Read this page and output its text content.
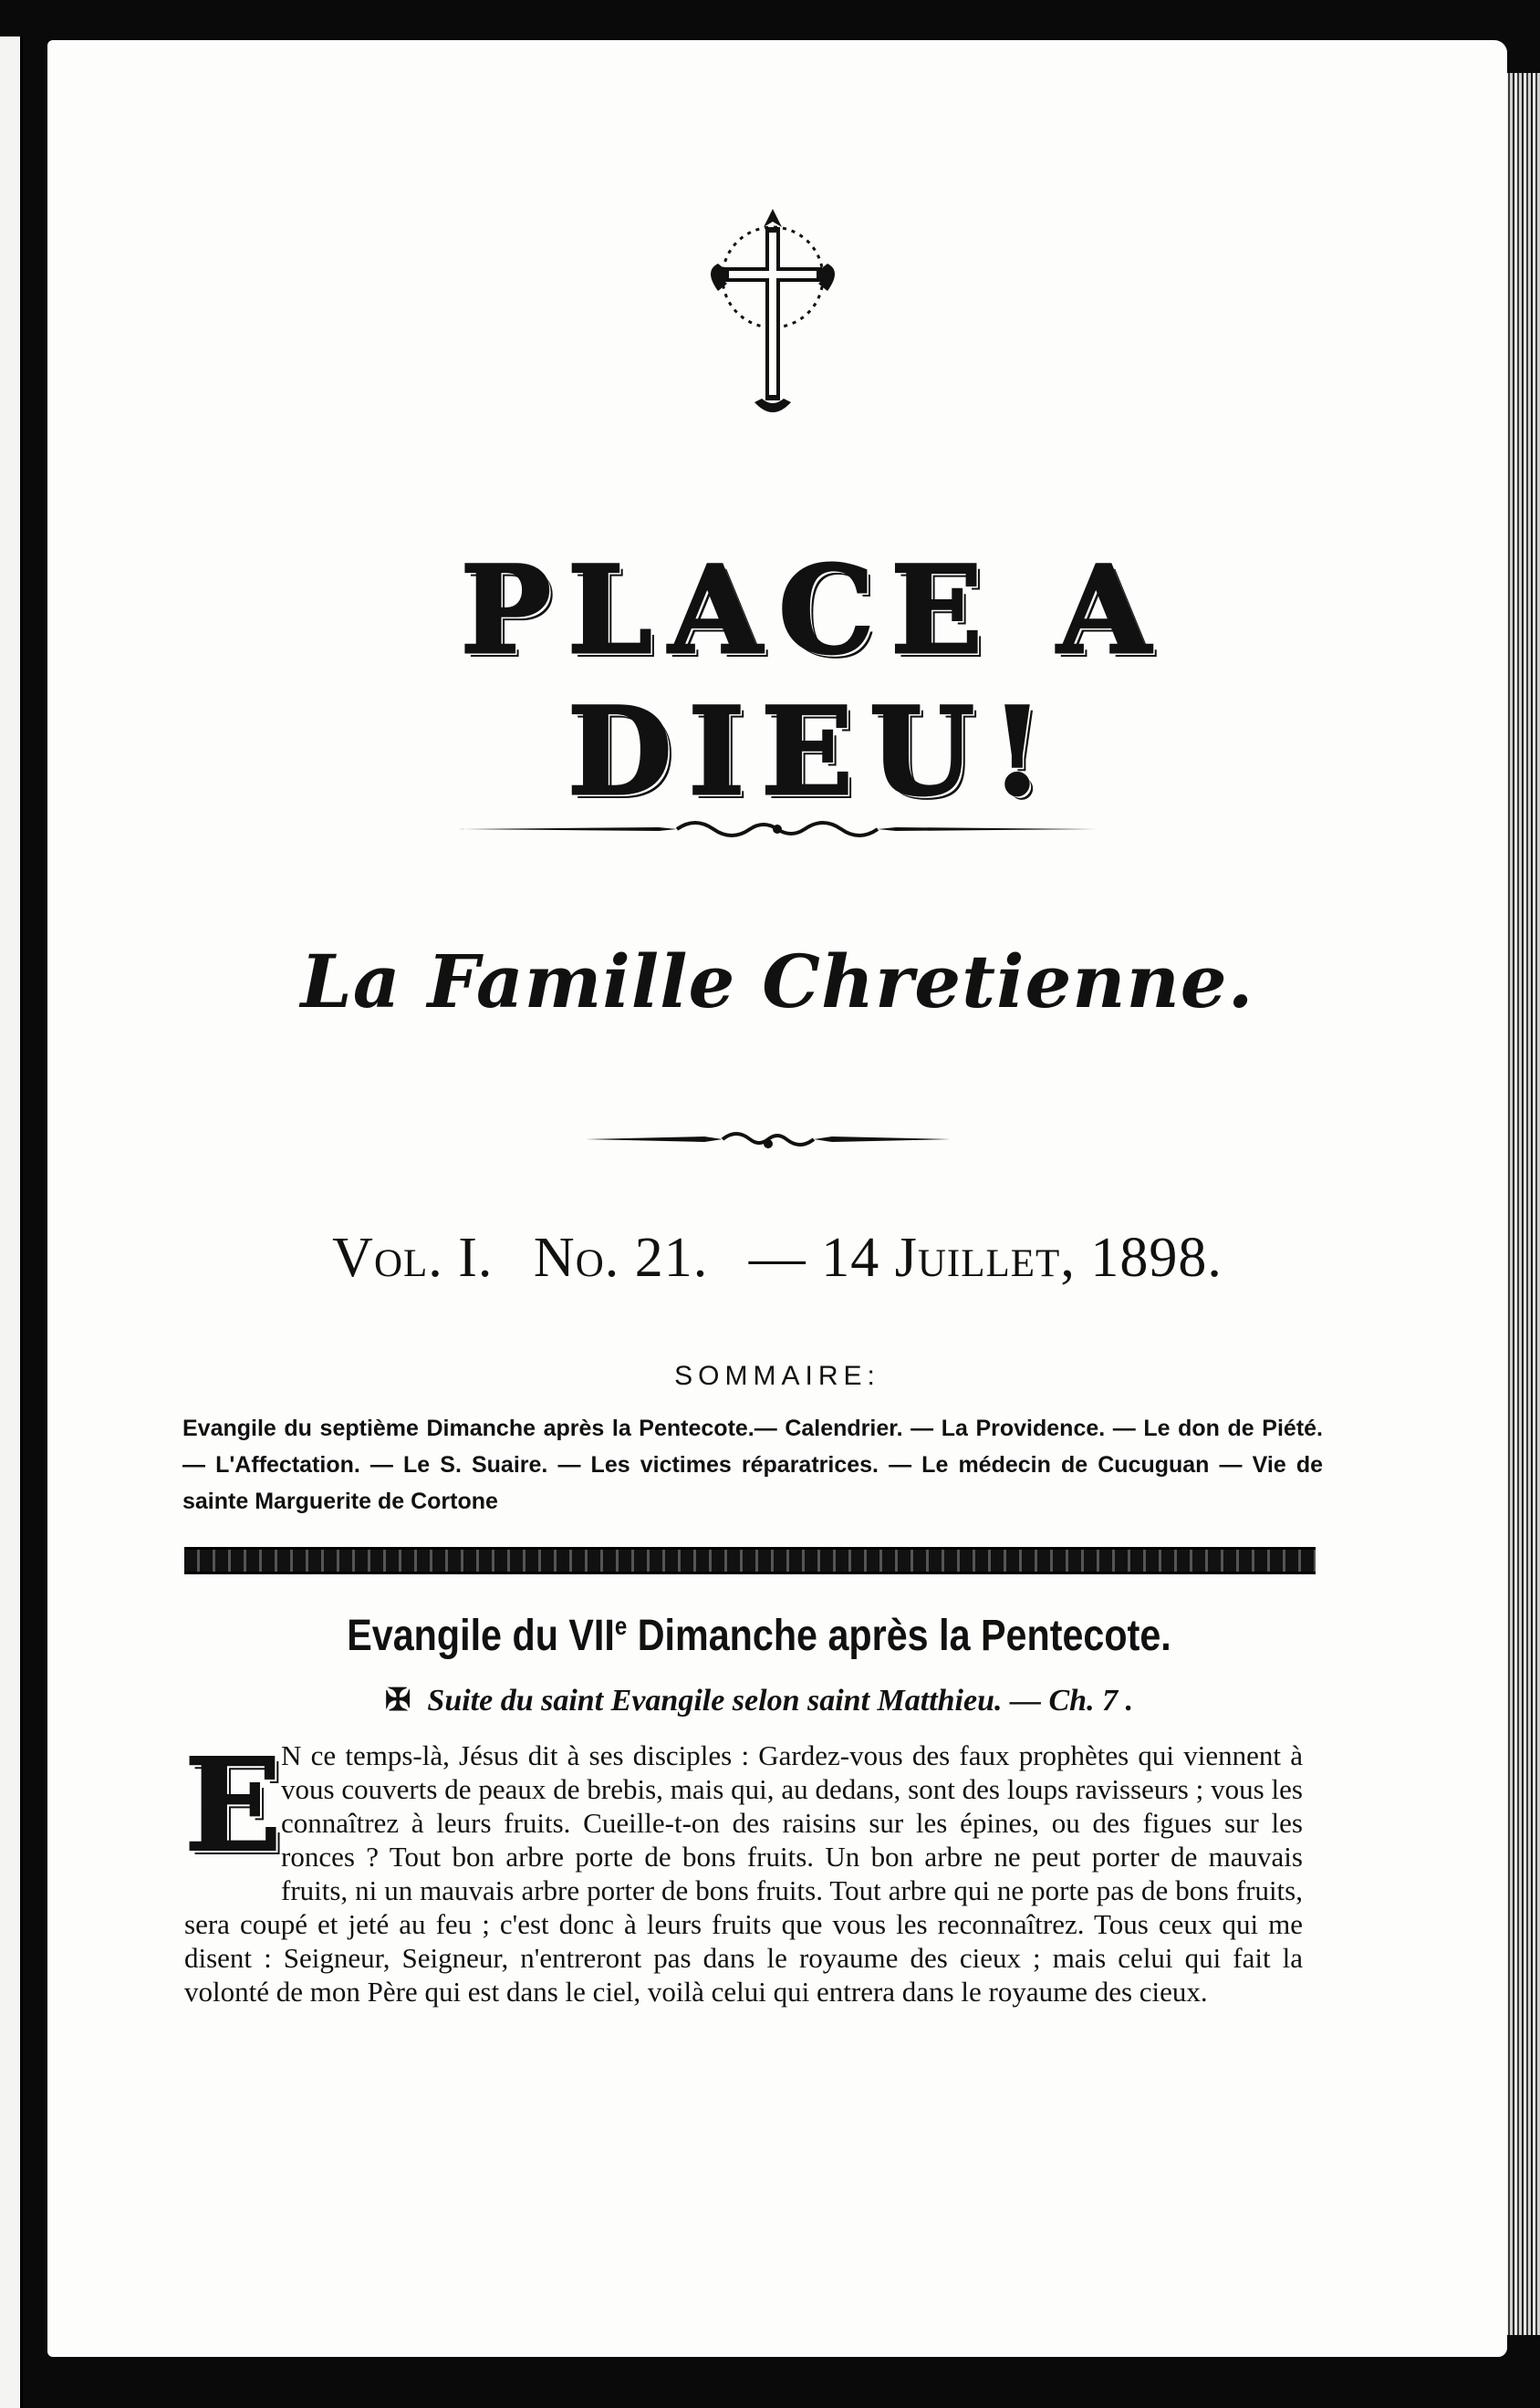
PLACE A DIEU!
La Famille Chretienne.
Vol. I. No. 21. — 14 Juillet, 1898.
SOMMAIRE:
Evangile du septième Dimanche après la Pentecote.— Calendrier. — La Providence. — Le don de Piété. — L'Affectation. — Le S. Suaire. — Les victimes réparatrices. — Le médecin de Cucuguan — Vie de sainte Marguerite de Cortone
Evangile du VIIe Dimanche après la Pentecote.
✠ Suite du saint Evangile selon saint Matthieu. — Ch. 7 .
E N ce temps-là, Jésus dit à ses disciples : Gardez-vous des faux prophètes qui viennent à vous couverts de peaux de brebis, mais qui, au dedans, sont des loups ravisseurs ; vous les connaîtrez à leurs fruits. Cueille-t-on des raisins sur les épines, ou des figues sur les ronces ? Tout bon arbre porte de bons fruits. Un bon arbre ne peut porter de mauvais fruits, ni un mauvais arbre porter de bons fruits. Tout arbre qui ne porte pas de bons fruits, sera coupé et jeté au feu ; c'est donc à leurs fruits que vous les reconnaîtrez. Tous ceux qui me disent : Seigneur, Seigneur, n'entreront pas dans le royaume des cieux ; mais celui qui fait la volonté de mon Père qui est dans le ciel, voilà celui qui entrera dans le royaume des cieux.
